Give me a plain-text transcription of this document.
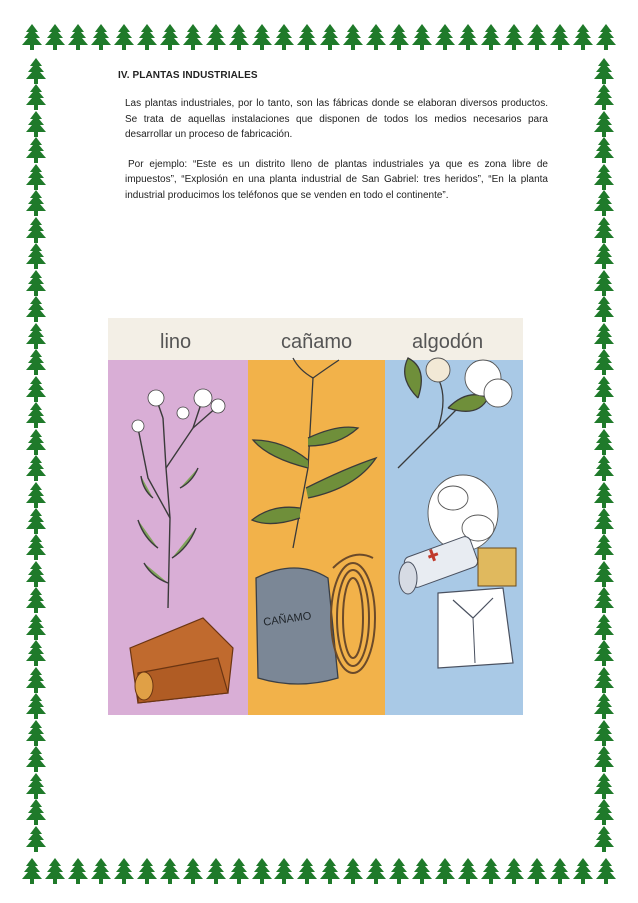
IV. PLANTAS INDUSTRIALES

Las plantas industriales, por lo tanto, son las fábricas donde se elaboran diversos productos. Se trata de aquellas instalaciones que disponen de todos los medios necesarios para desarrollar un proceso de fabricación.

Por ejemplo: “Este es un distrito lleno de plantas industriales ya que es zona libre de impuestos”, “Explosión en una planta industrial de San Gabriel: tres heridos”, “En la planta industrial producimos los teléfonos que se venden en todo el continente”.

lino	cañamo	algodón
CAÑAMO
